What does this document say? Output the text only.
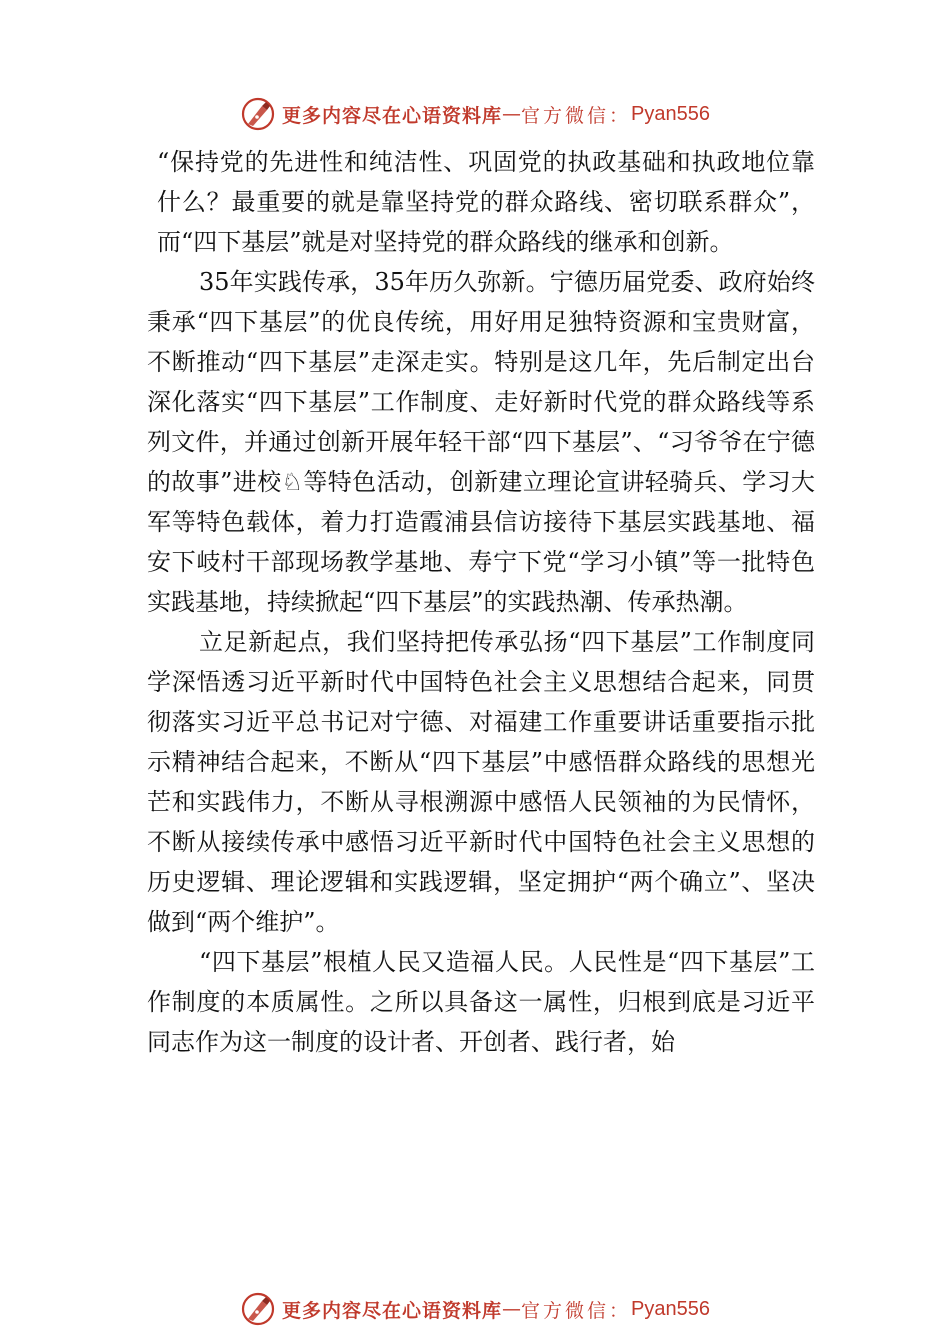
更多内容尽在心语资料库 — 官方微信： Pyan556

“保持党的先进性和纯洁性、巩固党的执政基础和执政地位靠什么？最重要的就是靠坚持党的群众路线、密切联系群众”，而“四下基层”就是对坚持党的群众路线的继承和创新。

35年实践传承，35年历久弥新。宁德历届党委、政府始终秉承“四下基层”的优良传统，用好用足独特资源和宝贵财富，不断推动“四下基层”走深走实。特别是这几年，先后制定出台深化落实“四下基层”工作制度、走好新时代党的群众路线等系列文件，并通过创新开展年轻干部“四下基层”、“习爷爷在宁德的故事”进校♘等特色活动，创新建立理论宣讲轻骑兵、学习大军等特色载体，着力打造霞浦县信访接待下基层实践基地、福安下岐村干部现场教学基地、寿宁下党“学习小镇”等一批特色实践基地，持续掀起“四下基层”的实践热潮、传承热潮。

立足新起点，我们坚持把传承弘扬“四下基层”工作制度同学深悟透习近平新时代中国特色社会主义思想结合起来，同贯彻落实习近平总书记对宁德、对福建工作重要讲话重要指示批示精神结合起来，不断从“四下基层”中感悟群众路线的思想光芒和实践伟力，不断从寻根溯源中感悟人民领袖的为民情怀，不断从接续传承中感悟习近平新时代中国特色社会主义思想的历史逻辑、理论逻辑和实践逻辑，坚定拥护“两个确立”、坚决做到“两个维护”。

“四下基层”根植人民又造福人民。人民性是“四下基层”工作制度的本质属性。之所以具备这一属性，归根到底是习近平同志作为这一制度的设计者、开创者、践行者，始

更多内容尽在心语资料库 — 官方微信： Pyan556
